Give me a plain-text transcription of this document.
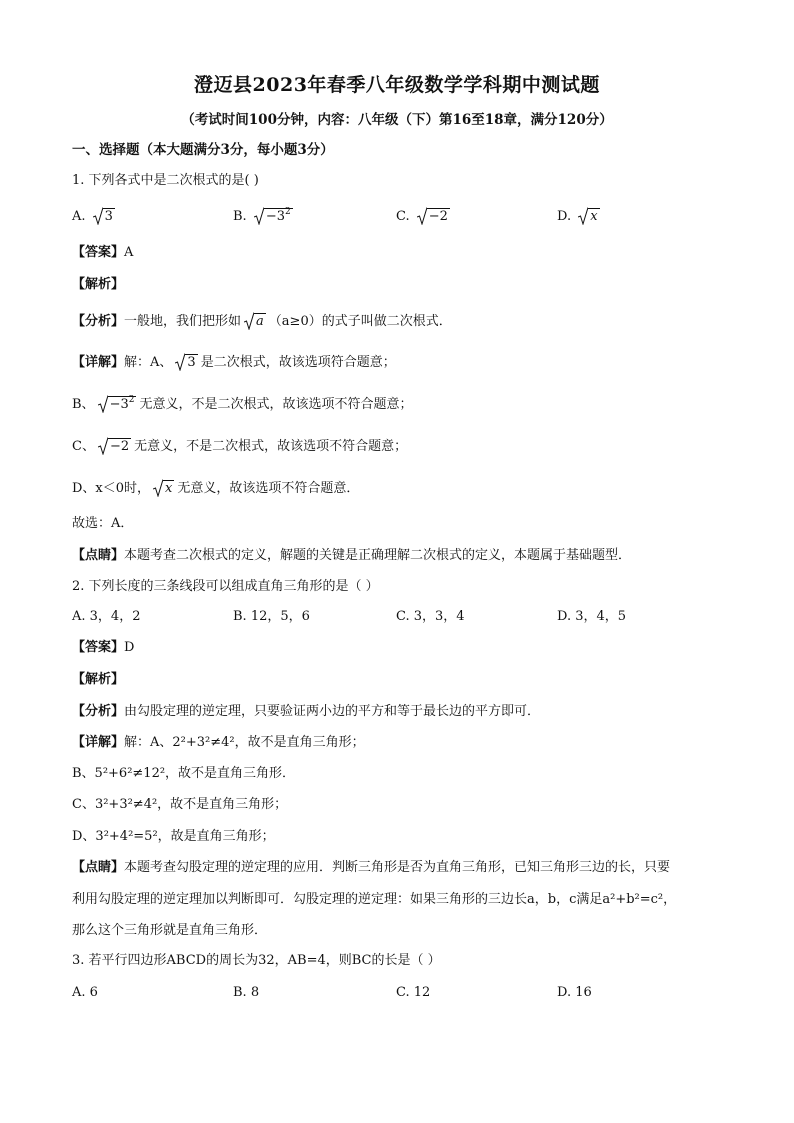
澄迈县2023年春季八年级数学学科期中测试题
（考试时间100分钟，内容：八年级（下）第16至18章，满分120分）
一、选择题（本大题满分3分，每小题3分）
1. 下列各式中是二次根式的是( )
A. 3	B. $-3^2$	C. −2	D. x
【答案】A
【解析】
【分析】一般地，我们把形如 a （a≥0）的式子叫做二次根式．
【详解】解：A、 3 是二次根式，故该选项符合题意；
B、 $-3^2$ 无意义，不是二次根式，故该选项不符合题意；
C、 −2 无意义，不是二次根式，故该选项不符合题意；
D、x＜0时， x 无意义，故该选项不符合题意．
故选：A．
【点睛】本题考查二次根式的定义，解题的关键是正确理解二次根式的定义，本题属于基础题型．
2. 下列长度的三条线段可以组成直角三角形的是（ ）
A. 3，4，2	B. 12，5，6	C. 3，3，4	D. 3，4，5
【答案】D
【解析】
【分析】由勾股定理的逆定理，只要验证两小边的平方和等于最长边的平方即可．
【详解】解：A、2²+3²≠4²，故不是直角三角形；
B、5²+6²≠12²，故不是直角三角形．
C、3²+3²≠4²，故不是直角三角形；
D、3²+4²=5²，故是直角三角形；
【点睛】本题考查勾股定理的逆定理的应用．判断三角形是否为直角三角形，已知三角形三边的长，只要
利用勾股定理的逆定理加以判断即可．勾股定理的逆定理：如果三角形的三边长a，b，c满足a²+b²=c²，
那么这个三角形就是直角三角形．
3. 若平行四边形ABCD的周长为32，AB=4，则BC的长是（ ）
A. 6	B. 8	C. 12	D. 16
